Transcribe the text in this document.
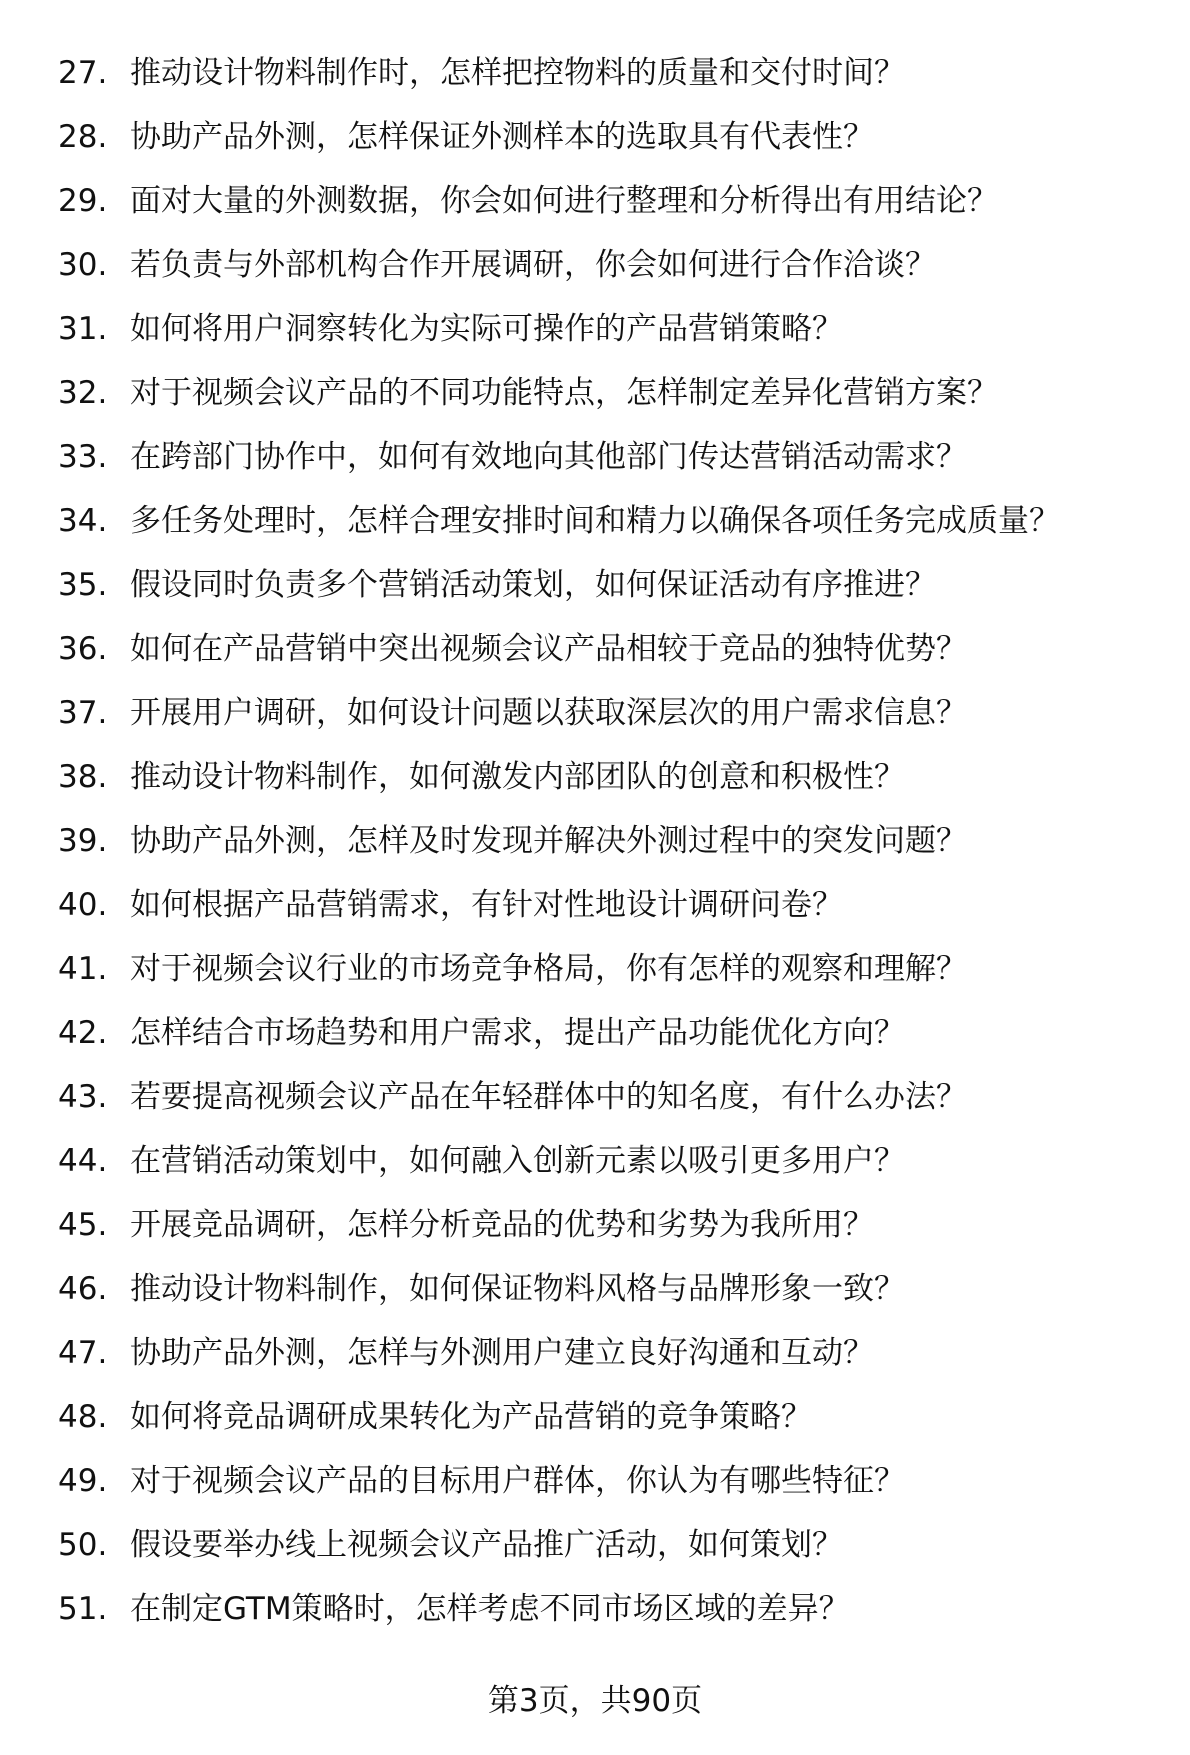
27. 推动设计物料制作时，怎样把控物料的质量和交付时间？
28. 协助产品外测，怎样保证外测样本的选取具有代表性？
29. 面对大量的外测数据，你会如何进行整理和分析得出有用结论？
30. 若负责与外部机构合作开展调研，你会如何进行合作洽谈？
31. 如何将用户洞察转化为实际可操作的产品营销策略？
32. 对于视频会议产品的不同功能特点，怎样制定差异化营销方案？
33. 在跨部门协作中，如何有效地向其他部门传达营销活动需求？
34. 多任务处理时，怎样合理安排时间和精力以确保各项任务完成质量？
35. 假设同时负责多个营销活动策划，如何保证活动有序推进？
36. 如何在产品营销中突出视频会议产品相较于竞品的独特优势？
37. 开展用户调研，如何设计问题以获取深层次的用户需求信息？
38. 推动设计物料制作，如何激发内部团队的创意和积极性？
39. 协助产品外测，怎样及时发现并解决外测过程中的突发问题？
40. 如何根据产品营销需求，有针对性地设计调研问卷？
41. 对于视频会议行业的市场竞争格局，你有怎样的观察和理解？
42. 怎样结合市场趋势和用户需求，提出产品功能优化方向？
43. 若要提高视频会议产品在年轻群体中的知名度，有什么办法？
44. 在营销活动策划中，如何融入创新元素以吸引更多用户？
45. 开展竞品调研，怎样分析竞品的优势和劣势为我所用？
46. 推动设计物料制作，如何保证物料风格与品牌形象一致？
47. 协助产品外测，怎样与外测用户建立良好沟通和互动？
48. 如何将竞品调研成果转化为产品营销的竞争策略？
49. 对于视频会议产品的目标用户群体，你认为有哪些特征？
50. 假设要举办线上视频会议产品推广活动，如何策划？
51. 在制定GTM策略时，怎样考虑不同市场区域的差异？
第3页，共90页
